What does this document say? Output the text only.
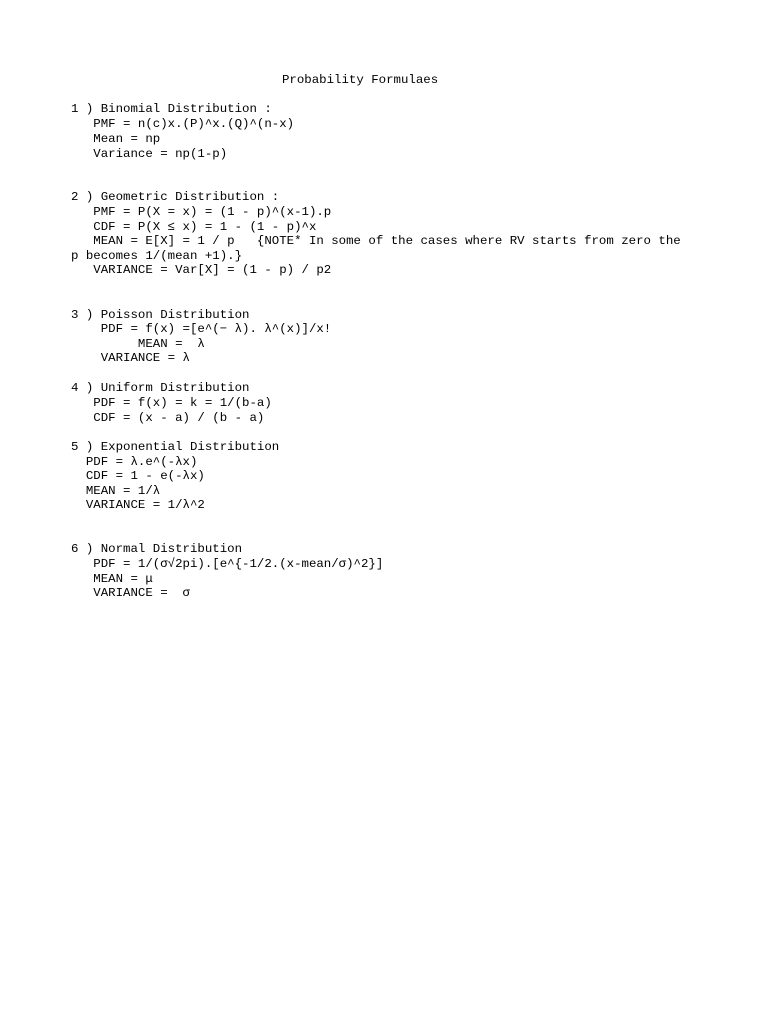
Probability Formulaes
1 ) Binomial Distribution :
PMF = n(c)x.(P)^x.(Q)^(n-x)
Mean = np
Variance = np(1-p)
2 ) Geometric Distribution :
PMF = P(X = x) = (1 - p)^(x-1).p
CDF = P(X ≤ x) = 1 - (1 - p)^x
MEAN = E[X] = 1 / p   {NOTE* In some of the cases where RV starts from zero the
p becomes 1/(mean +1).}
VARIANCE = Var[X] = (1 - p) / p2
3 ) Poisson Distribution
PDF = f(x) =[e^(− λ). λ^(x)]/x!
MEAN =  λ
VARIANCE = λ
4 ) Uniform Distribution
PDF = f(x) = k = 1/(b-a)
CDF = (x - a) / (b - a)
5 ) Exponential Distribution
PDF = λ.e^(-λx)
CDF = 1 - e(-λx)
MEAN = 1/λ
VARIANCE = 1/λ^2
6 ) Normal Distribution
PDF = 1/(σ√2pi).[e^{-1/2.(x-mean/σ)^2}]
MEAN = μ
VARIANCE =  σ
